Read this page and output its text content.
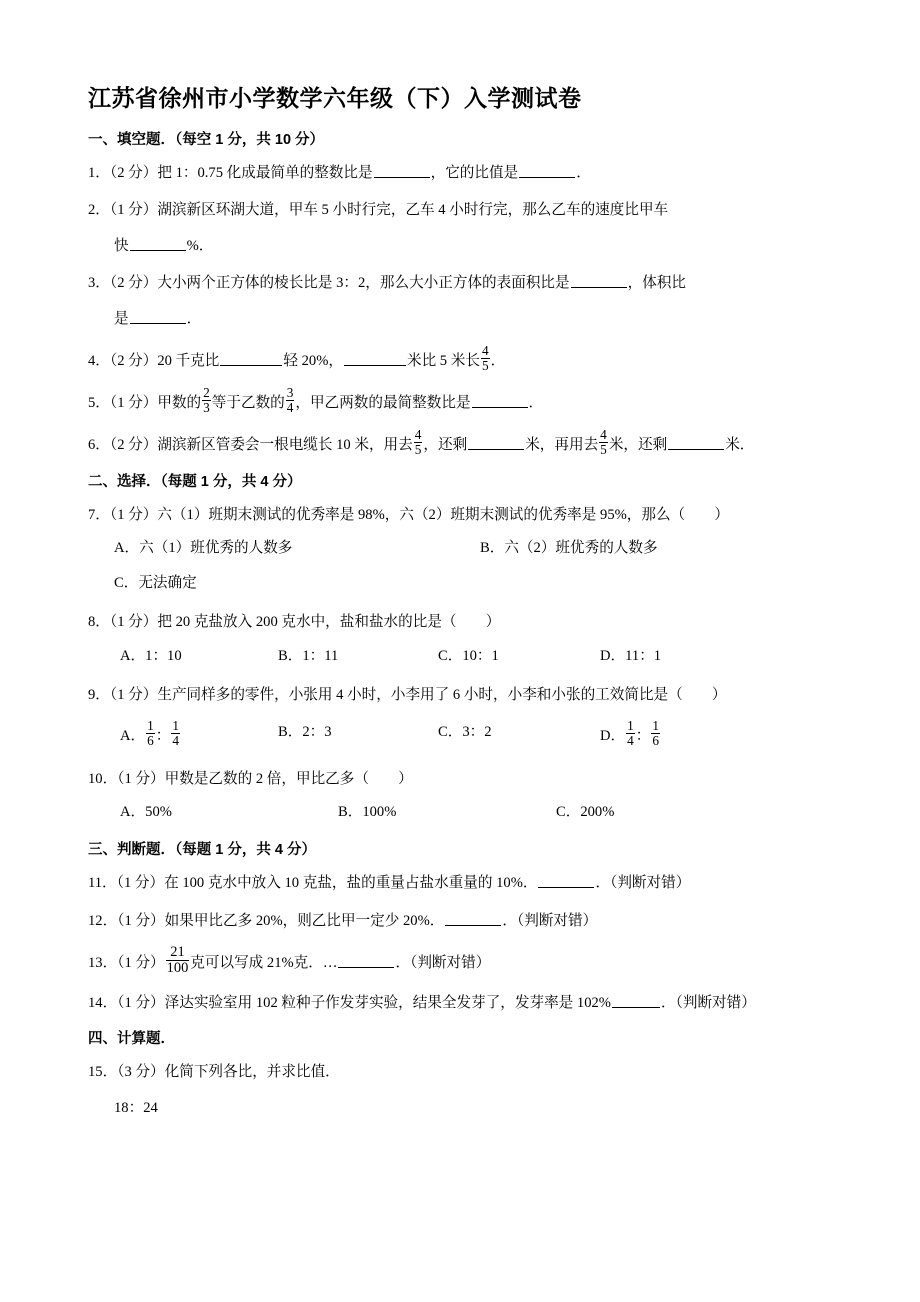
江苏省徐州市小学数学六年级（下）入学测试卷
一、填空题．（每空 1 分，共 10 分）
1．（2 分）把 1：0.75 化成最简单的整数比是	，它的比值是	．
2．（1 分）湖滨新区环湖大道，甲车 5 小时行完，乙车 4 小时行完，那么乙车的速度比甲车
快	%．
3．（2 分）大小两个正方体的棱长比是 3：2，那么大小正方体的表面积比是	，体积比
是	．
4．（2 分）20 千克比	轻 20%，	米比 5 米长 $\frac{4}{5}$ ．
5．（1 分）甲数的 $\frac{2}{3}$ 等于乙数的 $\frac{3}{4}$ ，甲乙两数的最简整数比是	．
6．（2 分）湖滨新区管委会一根电缆长 10 米，用去 $\frac{4}{5}$ ，还剩	米，再用去 $\frac{4}{5}$ 米，还剩	米．
二、选择．（每题 1 分，共 4 分）
7．（1 分）六（1）班期末测试的优秀率是 98%，六（2）班期末测试的优秀率是 95%，那么（　　）
A．六（1）班优秀的人数多	B．六（2）班优秀的人数多
C．无法确定
8．（1 分）把 20 克盐放入 200 克水中，盐和盐水的比是（　　）
A．1：10	B．1：11	C．10：1	D．11：1
9．（1 分）生产同样多的零件，小张用 4 小时，小李用了 6 小时，小李和小张的工效简比是（　　）
A． $\frac{1}{6}$ ： $\frac{1}{4}$	B．2：3	C．3：2	D． $\frac{1}{4}$ ： $\frac{1}{6}$
10．（1 分）甲数是乙数的 2 倍，甲比乙多（　　）
A．50%	B．100%	C．200%
三、判断题．（每题 1 分，共 4 分）
11．（1 分）在 100 克水中放入 10 克盐，盐的重量占盐水重量的 10%．	．（判断对错）
12．（1 分）如果甲比乙多 20%，则乙比甲一定少 20%．	．（判断对错）
13．（1 分） $\frac{21}{100}$ 克可以写成 21%克．…	．（判断对错）
14．（1 分）泽达实验室用 102 粒种子作发芽实验，结果全发芽了，发芽率是 102%	．（判断对错）
四、计算题．
15．（3 分）化简下列各比，并求比值．
18：24
